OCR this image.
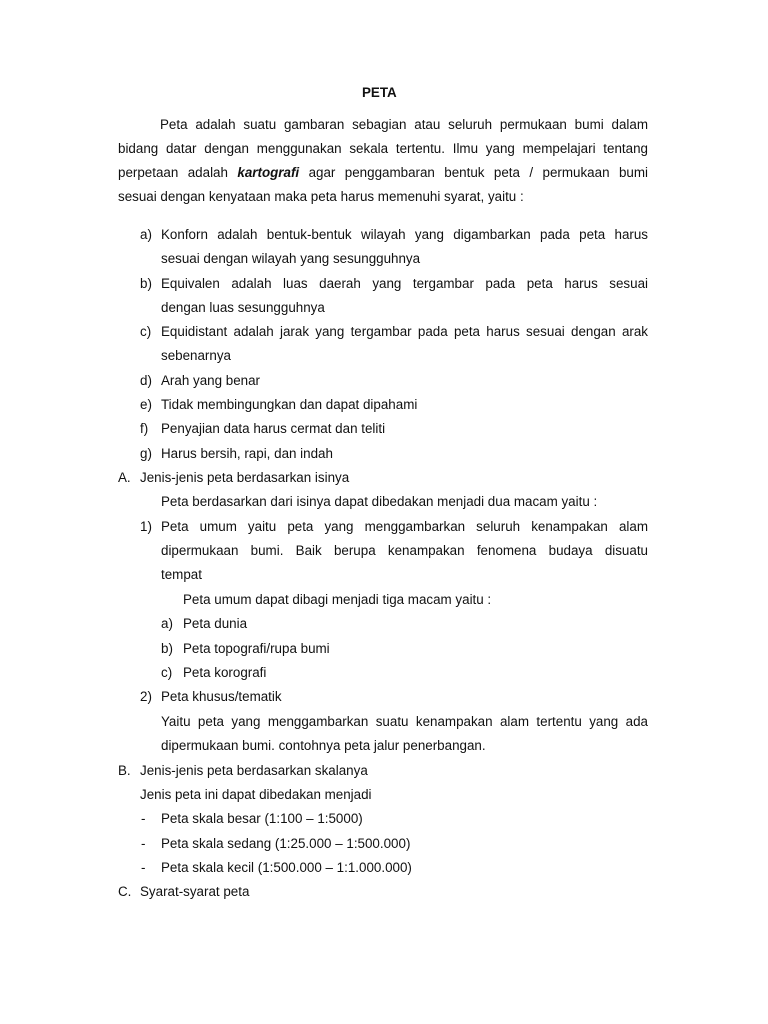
PETA
Peta adalah suatu gambaran sebagian atau seluruh permukaan bumi dalam
bidang datar dengan menggunakan sekala tertentu. Ilmu yang mempelajari tentang
perpetaan adalah kartografi agar penggambaran bentuk peta / permukaan bumi
sesuai dengan kenyataan maka peta harus memenuhi syarat, yaitu :
a) Konforn adalah bentuk-bentuk wilayah yang digambarkan pada peta harus
sesuai dengan wilayah yang sesungguhnya
b) Equivalen adalah luas daerah yang tergambar pada peta harus sesuai
dengan luas sesungguhnya
c) Equidistant adalah jarak yang tergambar pada peta harus sesuai dengan arak
sebenarnya
d) Arah yang benar
e) Tidak membingungkan dan dapat dipahami
f) Penyajian data harus cermat dan teliti
g) Harus bersih, rapi, dan indah
A. Jenis-jenis peta berdasarkan isinya
Peta berdasarkan dari isinya dapat dibedakan menjadi dua macam yaitu :
1) Peta umum yaitu peta yang menggambarkan seluruh kenampakan alam
dipermukaan bumi. Baik berupa kenampakan fenomena budaya disuatu
tempat
Peta umum dapat dibagi menjadi tiga macam yaitu :
a) Peta dunia
b) Peta topografi/rupa bumi
c) Peta korografi
2) Peta khusus/tematik
Yaitu peta yang menggambarkan suatu kenampakan alam tertentu yang ada
dipermukaan bumi. contohnya peta jalur penerbangan.
B. Jenis-jenis peta berdasarkan skalanya
Jenis peta ini dapat dibedakan menjadi
- Peta skala besar (1:100 – 1:5000)
- Peta skala sedang (1:25.000 – 1:500.000)
- Peta skala kecil (1:500.000 – 1:1.000.000)
C. Syarat-syarat peta
